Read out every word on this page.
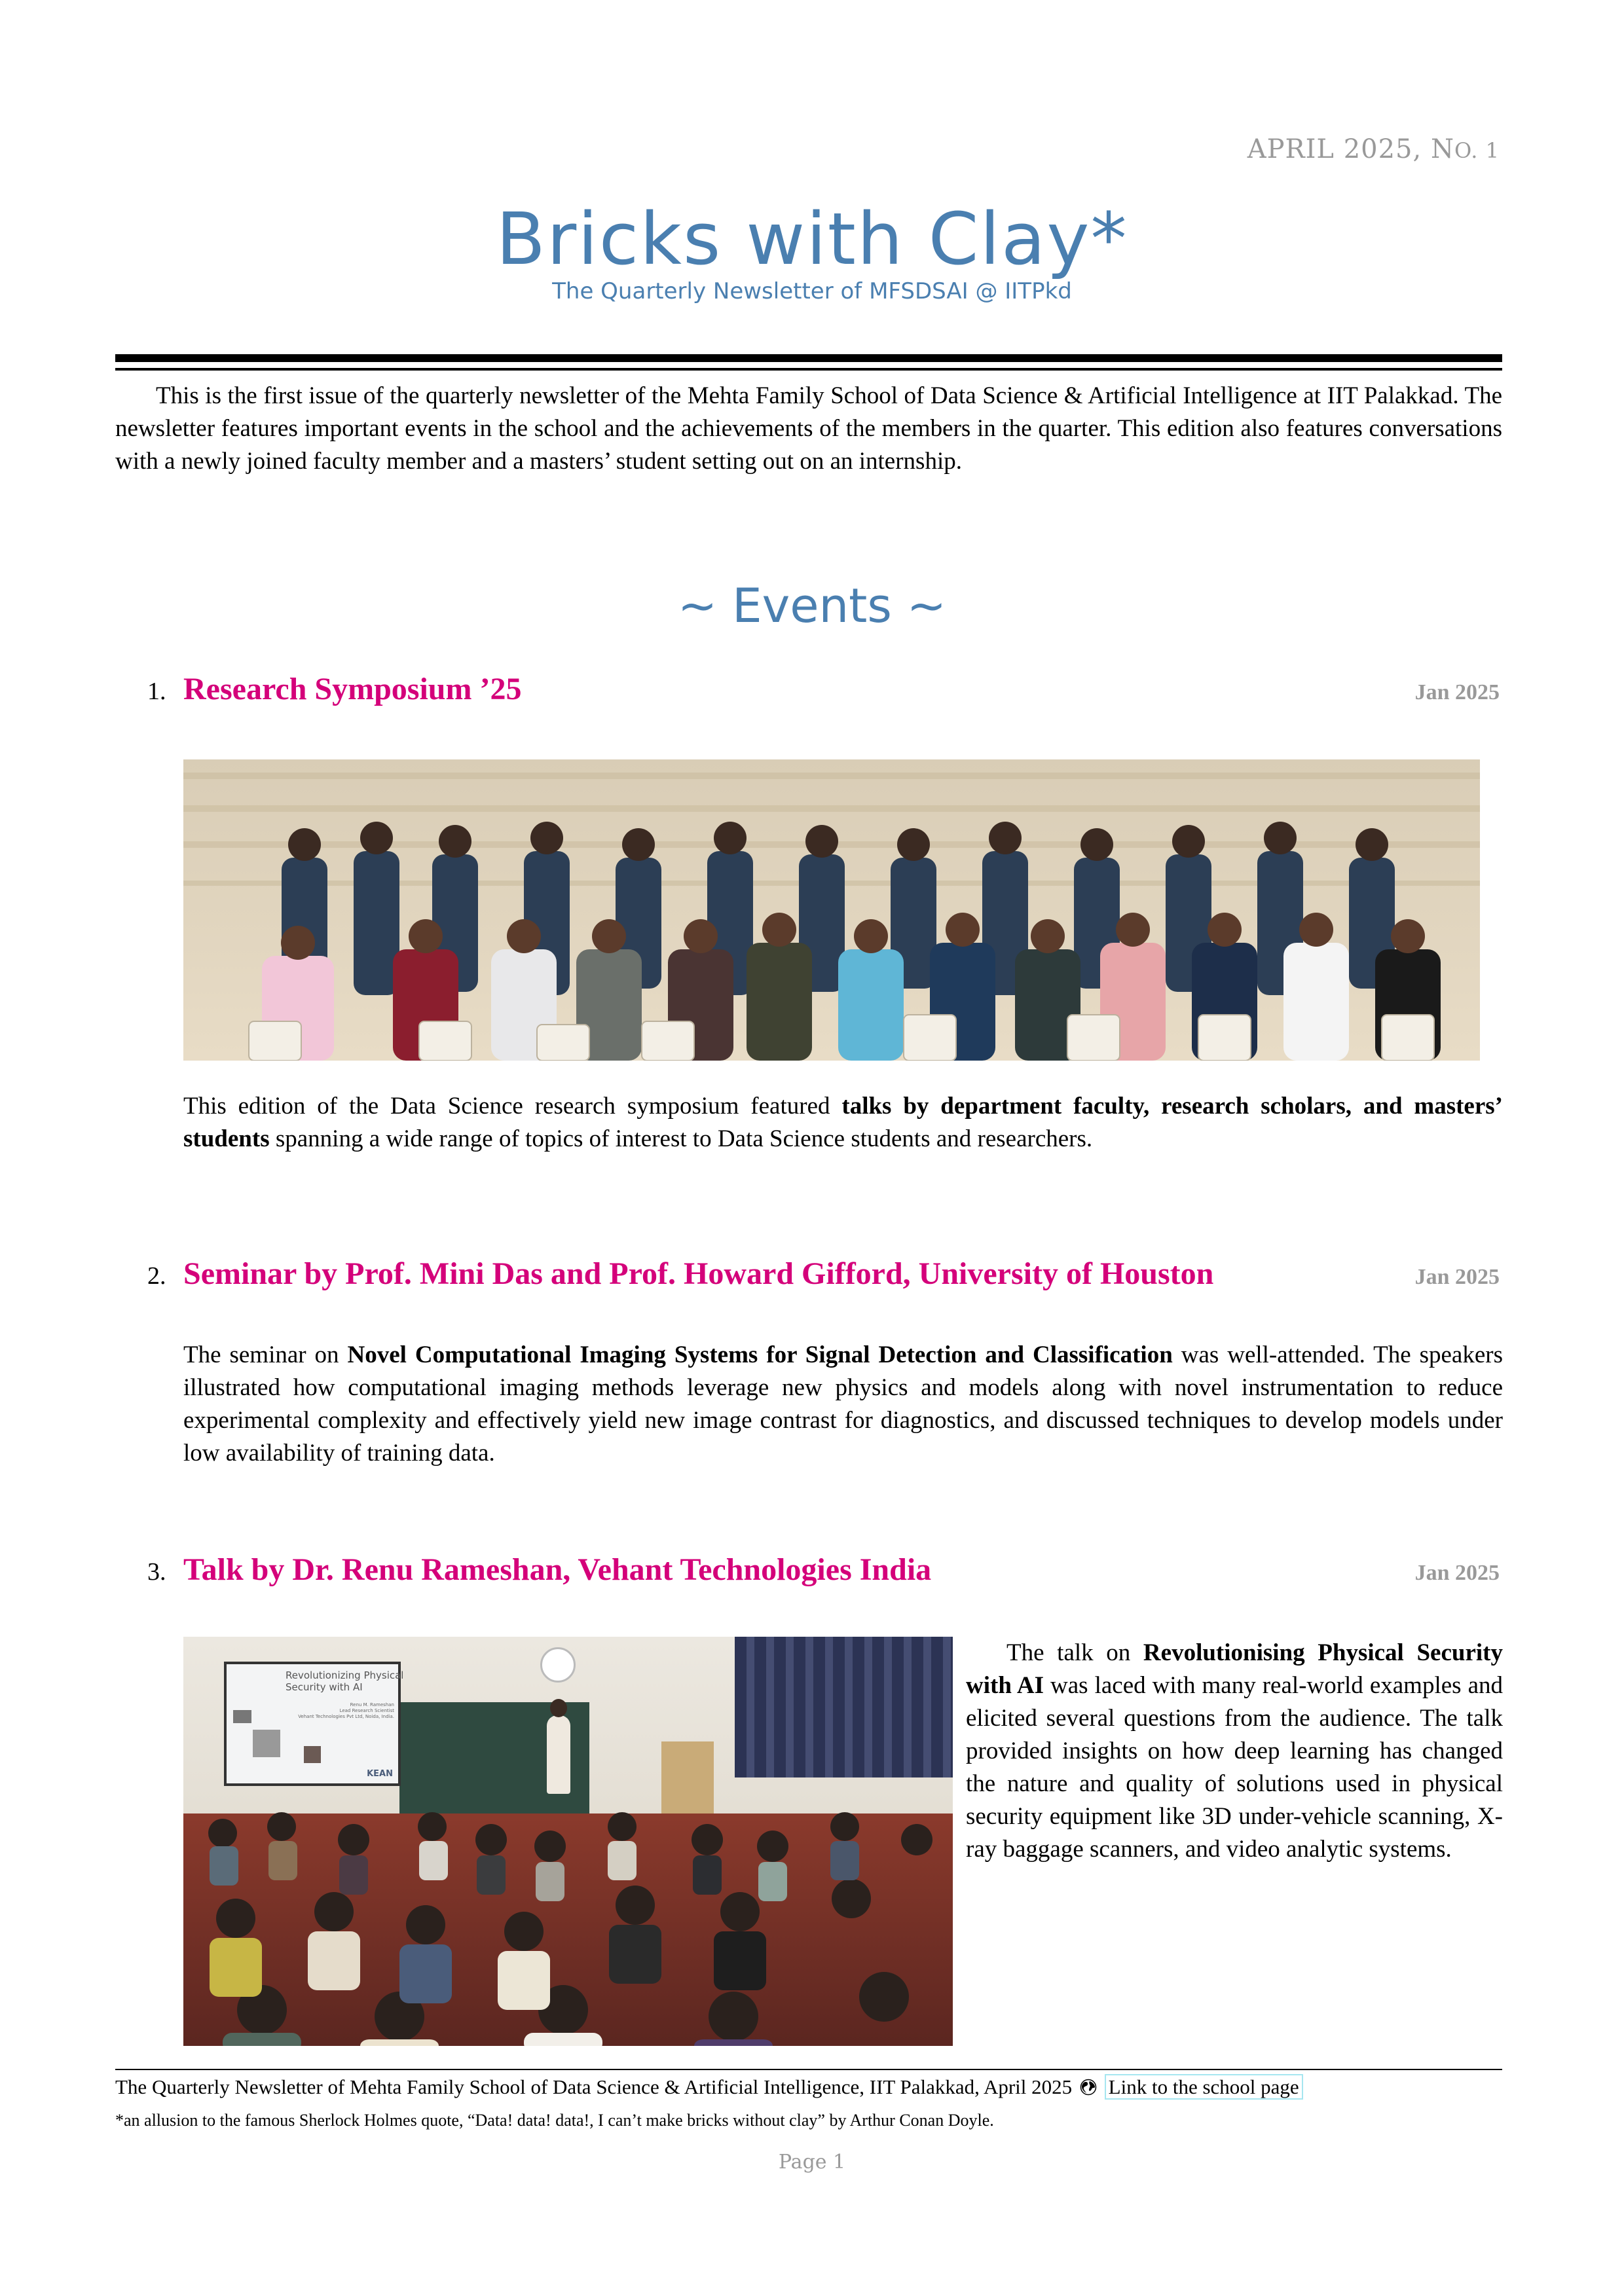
APRIL 2025, NO. 1
Bricks with Clay*
The Quarterly Newsletter of MFSDSAI @ IITPkd

This is the first issue of the quarterly newsletter of the Mehta Family School of Data Science & Artificial Intelligence at IIT Palakkad. The newsletter features important events in the school and the achievements of the members in the quarter. This edition also features conversations with a newly joined faculty member and a masters’ student setting out on an internship.

~ Events ~
1. Research Symposium ’25	Jan 2025

This edition of the Data Science research symposium featured talks by department faculty, research scholars, and masters’ students spanning a wide range of topics of interest to Data Science students and researchers.

2. Seminar by Prof. Mini Das and Prof. Howard Gifford, University of Houston	Jan 2025

The seminar on Novel Computational Imaging Systems for Signal Detection and Classification was well-attended. The speakers illustrated how computational imaging methods leverage new physics and models along with novel instrumentation to reduce experimental complexity and effectively yield new image contrast for diagnostics, and discussed techniques to develop models under low availability of training data.

3. Talk by Dr. Renu Rameshan, Vehant Technologies India	Jan 2025
Revolutionizing Physical
Security with AI
Renu M. Rameshan
Lead Research Scientist
Vehant Technologies Pvt Ltd, Noida, India.
KEAN

The talk on Revolutionising Physical Security with AI was laced with many real-world examples and elicited several questions from the audience. The talk provided insights on how deep learning has changed the nature and quality of solutions used in physical security equipment like 3D under-vehicle scanning, X-ray baggage scanners, and video analytic systems.

The Quarterly Newsletter of Mehta Family School of Data Science & Artificial Intelligence, IIT Palakkad, April 2025 Link to the school page
*an allusion to the famous Sherlock Holmes quote, “Data! data! data!, I can’t make bricks without clay” by Arthur Conan Doyle.
Page 1
